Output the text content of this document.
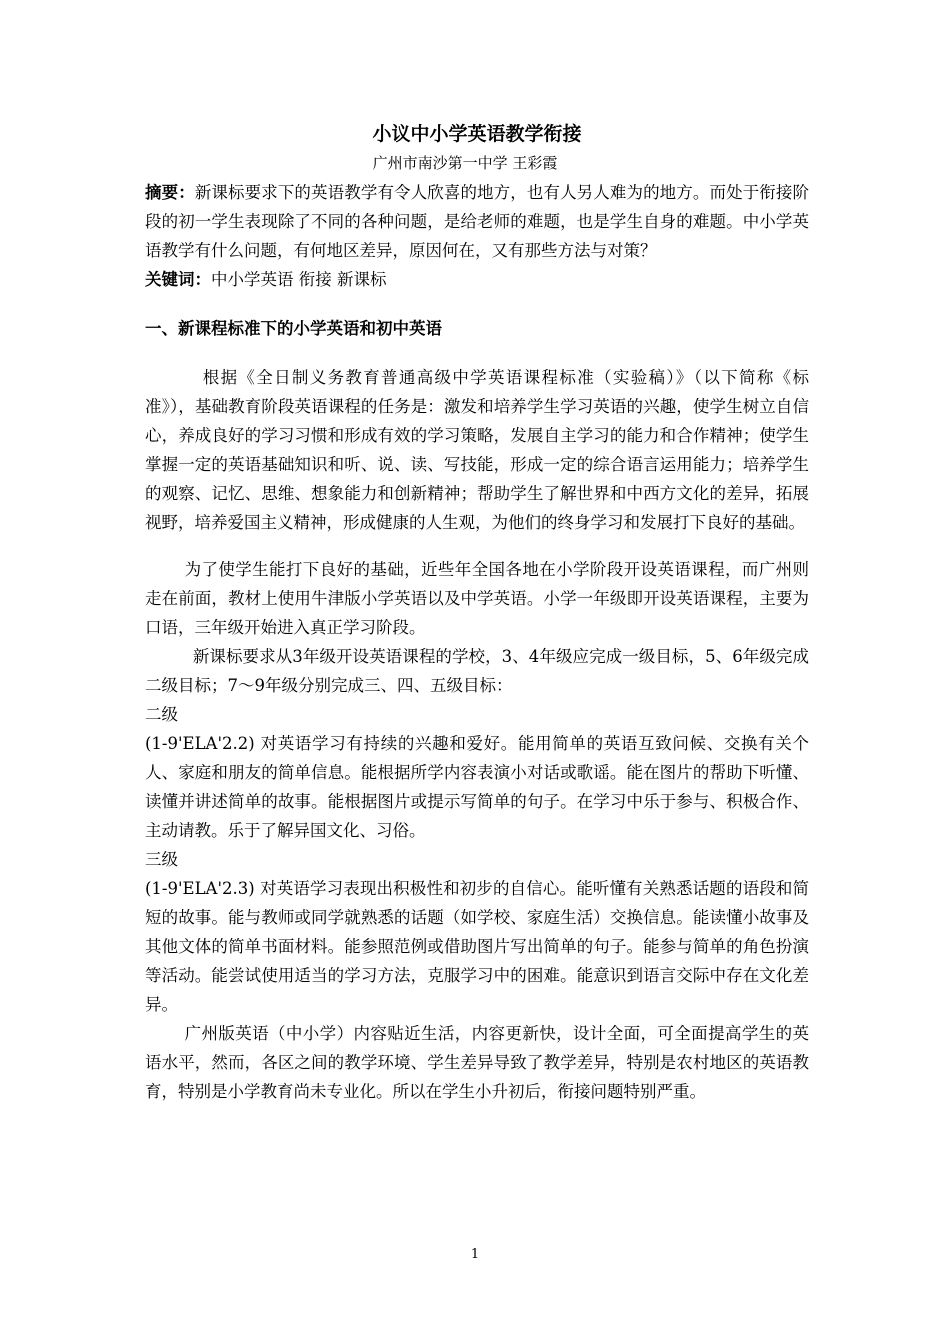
小议中小学英语教学衔接
广州市南沙第一中学 王彩霞

摘要：新课标要求下的英语教学有令人欣喜的地方，也有人另人难为的地方。而处于衔接阶段的初一学生表现除了不同的各种问题，是给老师的难题，也是学生自身的难题。中小学英语教学有什么问题，有何地区差异，原因何在，又有那些方法与对策？

关键词：中小学英语 衔接 新课标

一、新课程标准下的小学英语和初中英语

根据《全日制义务教育普通高级中学英语课程标准（实验稿）》（以下简称《标准》），基础教育阶段英语课程的任务是：激发和培养学生学习英语的兴趣，使学生树立自信心，养成良好的学习习惯和形成有效的学习策略，发展自主学习的能力和合作精神；使学生掌握一定的英语基础知识和听、说、读、写技能，形成一定的综合语言运用能力；培养学生的观察、记忆、思维、想象能力和创新精神；帮助学生了解世界和中西方文化的差异，拓展视野，培养爱国主义精神，形成健康的人生观，为他们的终身学习和发展打下良好的基础。

为了使学生能打下良好的基础，近些年全国各地在小学阶段开设英语课程，而广州则走在前面，教材上使用牛津版小学英语以及中学英语。小学一年级即开设英语课程，主要为口语，三年级开始进入真正学习阶段。

新课标要求从3年级开设英语课程的学校，3、4年级应完成一级目标，5、6年级完成二级目标；7～9年级分别完成三、四、五级目标：

二级

(1-9'ELA'2.2) 对英语学习有持续的兴趣和爱好。能用简单的英语互致问候、交换有关个人、家庭和朋友的简单信息。能根据所学内容表演小对话或歌谣。能在图片的帮助下听懂、读懂并讲述简单的故事。能根据图片或提示写简单的句子。在学习中乐于参与、积极合作、主动请教。乐于了解异国文化、习俗。

三级

(1-9'ELA'2.3) 对英语学习表现出积极性和初步的自信心。能听懂有关熟悉话题的语段和简短的故事。能与教师或同学就熟悉的话题（如学校、家庭生活）交换信息。能读懂小故事及其他文体的简单书面材料。能参照范例或借助图片写出简单的句子。能参与简单的角色扮演等活动。能尝试使用适当的学习方法，克服学习中的困难。能意识到语言交际中存在文化差异。

广州版英语（中小学）内容贴近生活，内容更新快，设计全面，可全面提高学生的英语水平，然而，各区之间的教学环境、学生差异导致了教学差异，特别是农村地区的英语教育，特别是小学教育尚未专业化。所以在学生小升初后，衔接问题特别严重。

1
